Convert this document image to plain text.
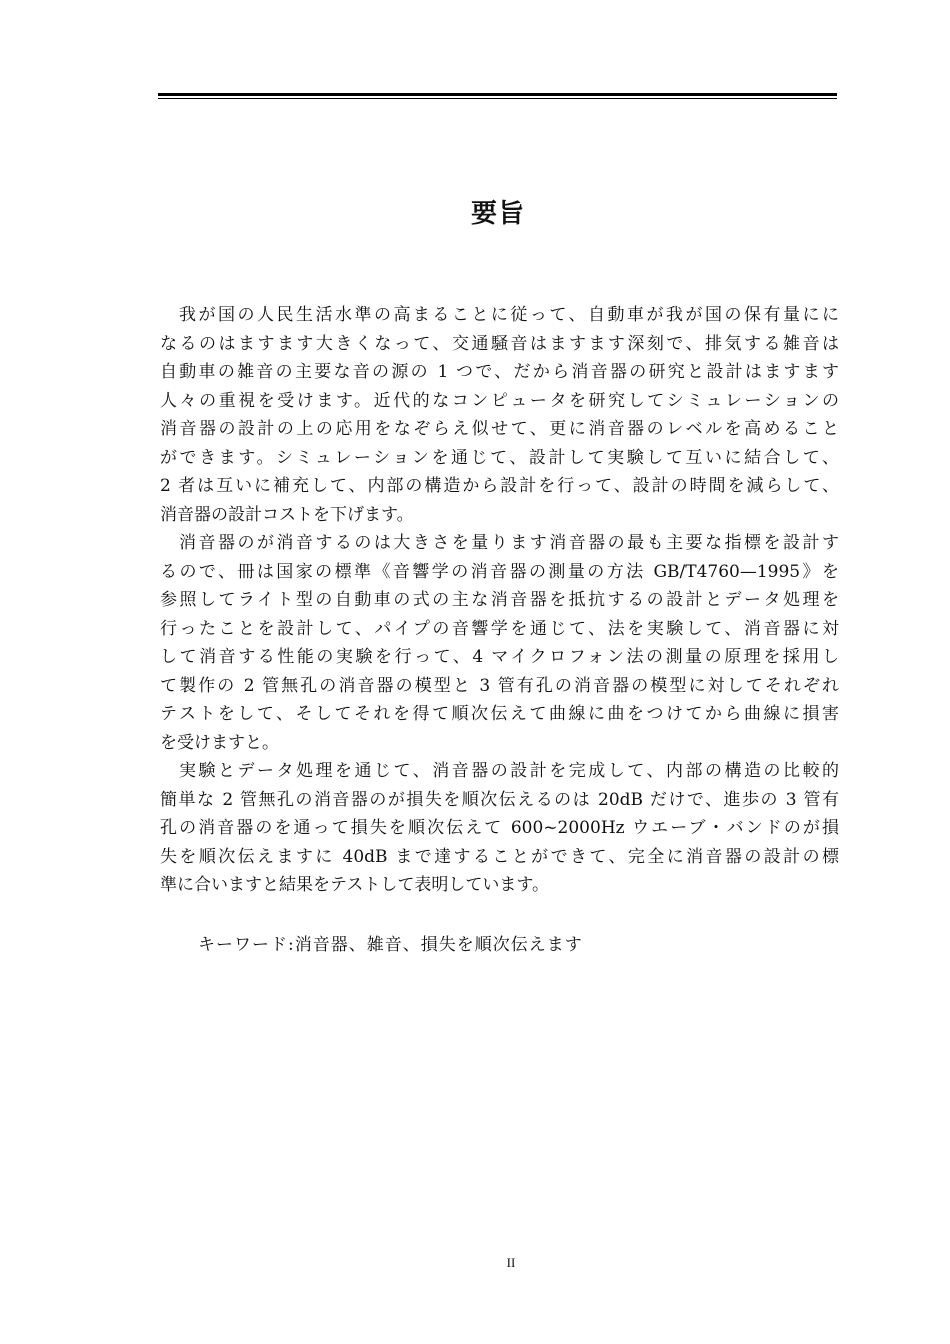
要旨
我が国の人民生活水準の高まることに従って、自動車が我が国の保有量にに
なるのはますます大きくなって、交通騒音はますます深刻で、排気する雑音は
自動車の雑音の主要な音の源の 1 つで、だから消音器の研究と設計はますます
人々の重視を受けます。近代的なコンピュータを研究してシミュレーションの
消音器の設計の上の応用をなぞらえ似せて、更に消音器のレベルを高めること
ができます。シミュレーションを通じて、設計して実験して互いに結合して、
2 者は互いに補充して、内部の構造から設計を行って、設計の時間を減らして、
消音器の設計コストを下げます。
消音器のが消音するのは大きさを量ります消音器の最も主要な指標を設計す
るので、冊は国家の標準《音響学の消音器の測量の方法 GB/T4760—1995》を
参照してライト型の自動車の式の主な消音器を抵抗するの設計とデータ処理を
行ったことを設計して、パイプの音響学を通じて、法を実験して、消音器に対
して消音する性能の実験を行って、4 マイクロフォン法の測量の原理を採用し
て製作の 2 管無孔の消音器の模型と 3 管有孔の消音器の模型に対してそれぞれ
テストをして、そしてそれを得て順次伝えて曲線に曲をつけてから曲線に損害
を受けますと。
実験とデータ処理を通じて、消音器の設計を完成して、内部の構造の比較的
簡単な 2 管無孔の消音器のが損失を順次伝えるのは 20dB だけで、進歩の 3 管有
孔の消音器のを通って損失を順次伝えて 600~2000Hz ウエーブ・バンドのが損
失を順次伝えますに 40dB まで達することができて、完全に消音器の設計の標
準に合いますと結果をテストして表明しています。
キーワード:消音器、雑音、損失を順次伝えます
II
